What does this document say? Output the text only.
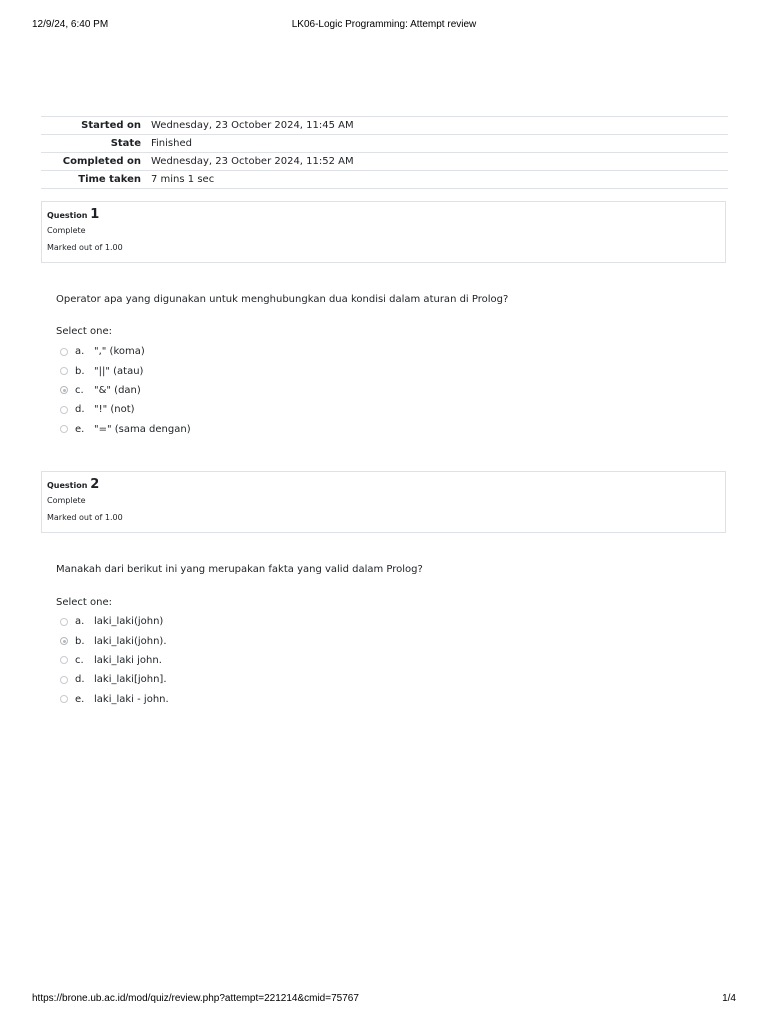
12/9/24, 6:40 PM	LK06-Logic Programming: Attempt review
Started on	Wednesday, 23 October 2024, 11:45 AM
State	Finished
Completed on	Wednesday, 23 October 2024, 11:52 AM
Time taken	7 mins 1 sec
Question 1
Complete
Marked out of 1.00
Operator apa yang digunakan untuk menghubungkan dua kondisi dalam aturan di Prolog?
Select one:
a. "," (koma)
b. "||" (atau)
c.	"&" (dan)
d. "!" (not)
e. "=" (sama dengan)
Question 2
Complete
Marked out of 1.00
Manakah dari berikut ini yang merupakan fakta yang valid dalam Prolog?
Select one:
a. laki_laki(john)
b. laki_laki(john).
c.	laki_laki john.
d. laki_laki[john].
e. laki_laki - john.
https://brone.ub.ac.id/mod/quiz/review.php?attempt=221214&cmid=75767	1/4
